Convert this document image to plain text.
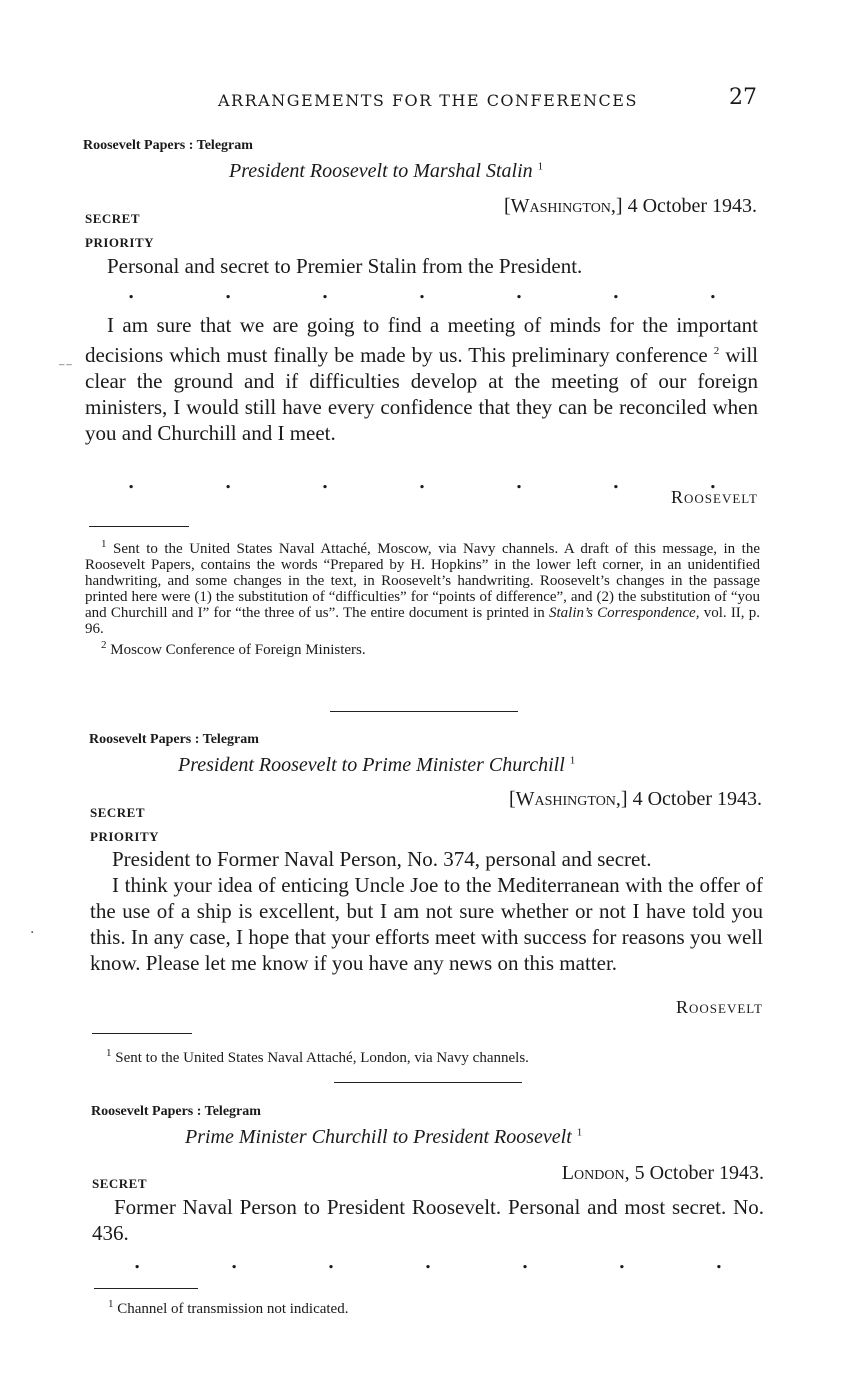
ARRANGEMENTS FOR THE CONFERENCES	27
Roosevelt Papers : Telegram
President Roosevelt to Marshal Stalin $^1$
SECRET
[Washington,] 4 October 1943.
PRIORITY

Personal and secret to Premier Stalin from the President.

.	.	.	.	.	.	.

I am sure that we are going to find a meeting of minds for the important decisions which must finally be made by us. This preliminary conference $^2$ will clear the ground and if difficulties develop at the meeting of our foreign ministers, I would still have every confidence that they can be reconciled when you and Churchill and I meet.

⁻⁻
.	.	.	.	.	.	.
Roosevelt

$^1$ Sent to the United States Naval Attaché, Moscow, via Navy channels. A draft of this message, in the Roosevelt Papers, contains the words “Prepared by H. Hopkins” in the lower left corner, in an unidentified handwriting, and some changes in the text, in Roosevelt’s handwriting. Roosevelt’s changes in the passage printed here were (1) the substitution of “difficulties” for “points of difference”, and (2) the substitution of “you and Churchill and I” for “the three of us”. The entire document is printed in Stalin’s Correspondence, vol. II, p. 96.

$^2$ Moscow Conference of Foreign Ministers.

Roosevelt Papers : Telegram
President Roosevelt to Prime Minister Churchill $^1$
SECRET
[Washington,] 4 October 1943.
PRIORITY

President to Former Naval Person, No. 374, personal and secret.

I think your idea of enticing Uncle Joe to the Mediterranean with the offer of the use of a ship is excellent, but I am not sure whether or not I have told you this. In any case, I hope that your efforts meet with success for reasons you well know. Please let me know if you have any news on this matter.

Roosevelt
·

$^1$ Sent to the United States Naval Attaché, London, via Navy channels.

Roosevelt Papers : Telegram
Prime Minister Churchill to President Roosevelt $^1$
SECRET	London, 5 October 1943.

Former Naval Person to President Roosevelt. Personal and most secret. No. 436.

.	.	.	.	.	.	.

$^1$ Channel of transmission not indicated.
